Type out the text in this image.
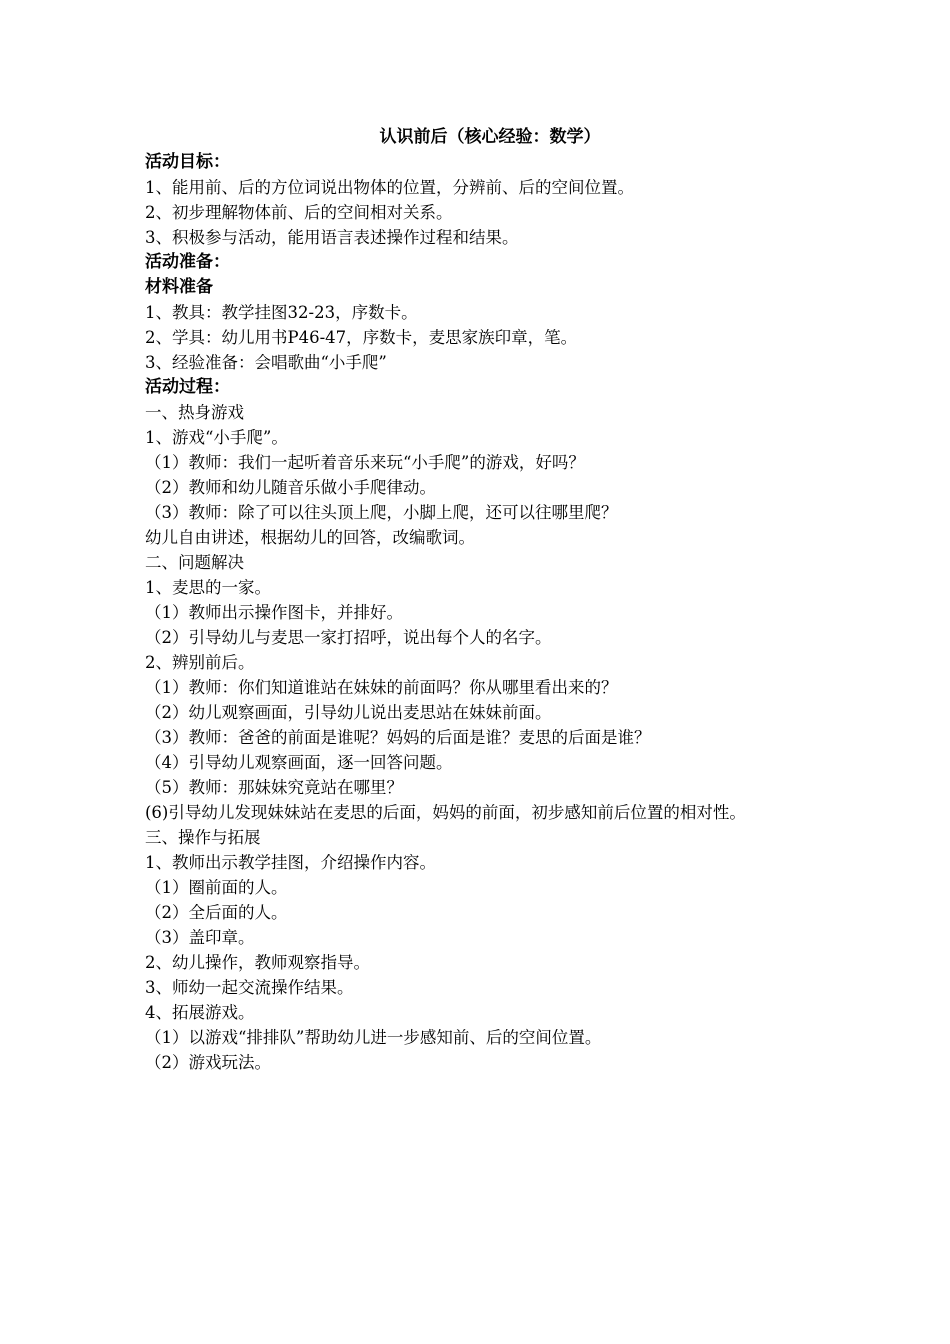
认识前后（核心经验：数学）
活动目标：
1、能用前、后的方位词说出物体的位置，分辨前、后的空间位置。
2、初步理解物体前、后的空间相对关系。
3、积极参与活动，能用语言表述操作过程和结果。
活动准备：
材料准备
1、教具：教学挂图32-23，序数卡。
2、学具：幼儿用书P46-47，序数卡，麦思家族印章，笔。
3、经验准备：会唱歌曲“小手爬”
活动过程：
一、热身游戏
1、游戏“小手爬”。
（1）教师：我们一起听着音乐来玩“小手爬”的游戏，好吗？
（2）教师和幼儿随音乐做小手爬律动。
（3）教师：除了可以往头顶上爬，小脚上爬，还可以往哪里爬？
幼儿自由讲述，根据幼儿的回答，改编歌词。
二、问题解决
1、麦思的一家。
（1）教师出示操作图卡，并排好。
（2）引导幼儿与麦思一家打招呼，说出每个人的名字。
2、辨别前后。
（1）教师：你们知道谁站在妹妹的前面吗？你从哪里看出来的？
（2）幼儿观察画面，引导幼儿说出麦思站在妹妹前面。
（3）教师：爸爸的前面是谁呢？妈妈的后面是谁？麦思的后面是谁？
（4）引导幼儿观察画面，逐一回答问题。
（5）教师：那妹妹究竟站在哪里？
(6)引导幼儿发现妹妹站在麦思的后面，妈妈的前面，初步感知前后位置的相对性。
三、操作与拓展
1、教师出示教学挂图，介绍操作内容。
（1）圈前面的人。
（2）全后面的人。
（3）盖印章。
2、幼儿操作，教师观察指导。
3、师幼一起交流操作结果。
4、拓展游戏。
（1）以游戏“排排队”帮助幼儿进一步感知前、后的空间位置。
（2）游戏玩法。
